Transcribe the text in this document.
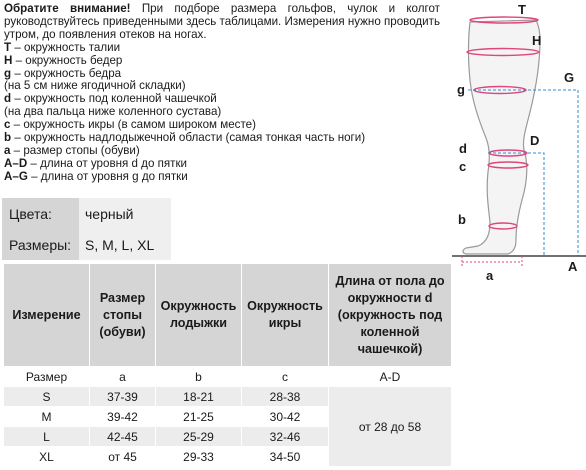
Обратите внимание! При подборе размера гольфов, чулок и колгот руководствуйтесь приведенными здесь таблицами. Измерения нужно проводить утром, до появления отеков на ногах.

T – окружность талии
H – окружность бедер
g – окружность бедра
(на 5 см ниже ягодичной складки)
d – окружность под коленной чашечкой
(на два пальца ниже коленного сустава)
c – окружность икры (в самом широком месте)
b – окружность надлодыжечной области (самая тонкая часть ноги)
a – размер стопы (обуви)
A–D – длина от уровня d до пятки
A–G – длина от уровня g до пятки
Цвета:	черный
Размеры:	S, M, L, XL
Измерение	Размер стопы (обуви)	Окружность лодыжки	Окружность икры	Длина от пола до окружности d (окружность под коленной чашечкой)
Размер	a	b	c	A-D
S	37-39	18-21	28-38	от 28 до 58
M	39-42	21-25	30-42	
L	42-45	25-29	32-46	
XL	от 45	29-33	34-50	
T
H
G
g
D
d
c
b
a
A
